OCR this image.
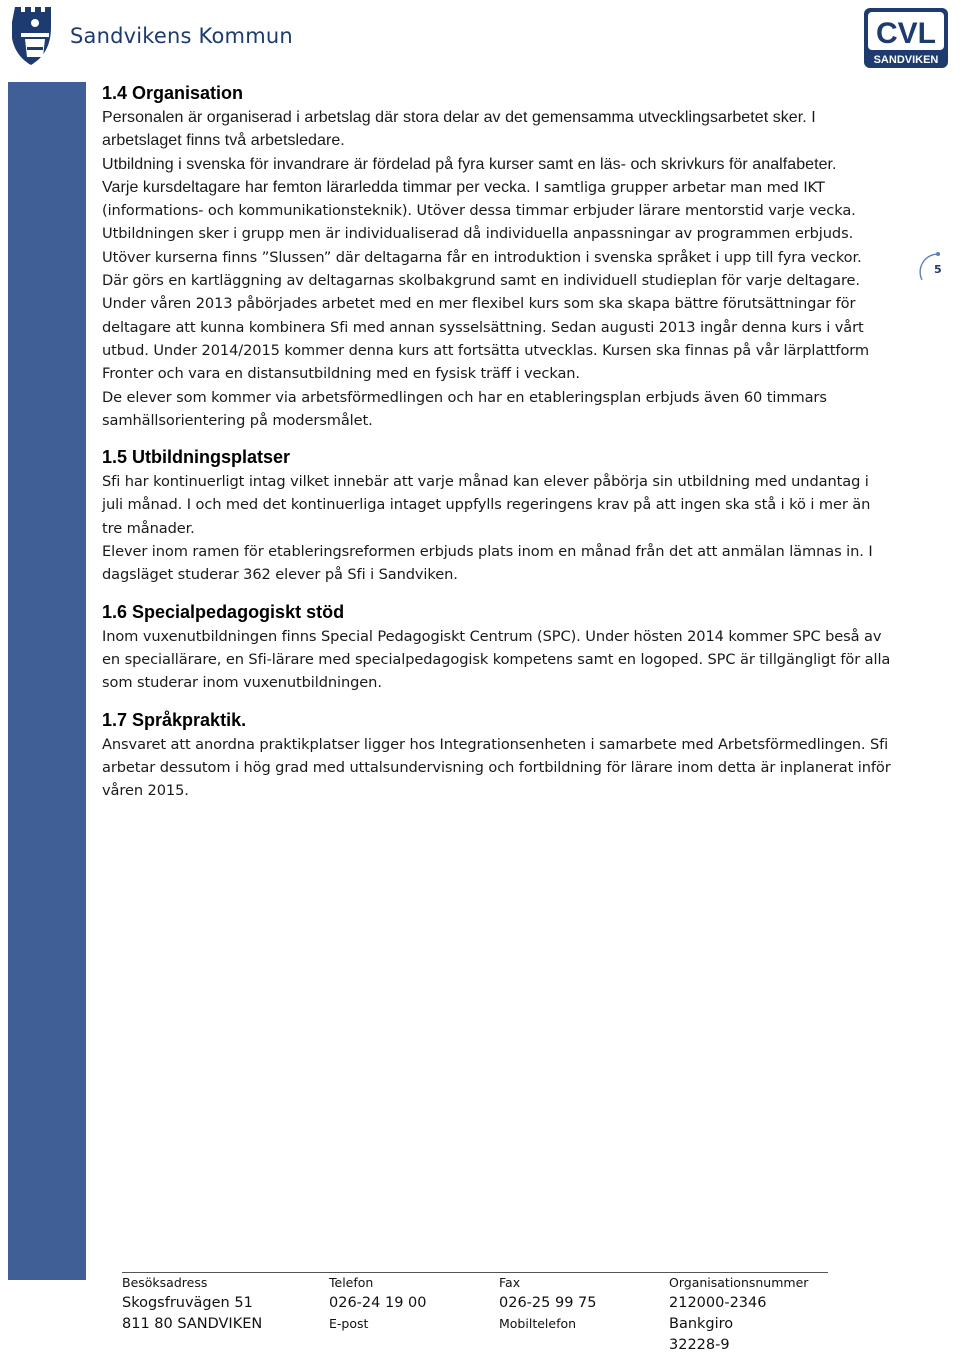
Sandvikens Kommun	CVL
SANDVIKEN
5
1.4 Organisation

Personalen är organiserad i arbetslag där stora delar av det gemensamma utvecklingsarbetet sker. I arbetslaget finns två arbetsledare.

Utbildning i svenska för invandrare är fördelad på fyra kurser samt en läs- och skrivkurs för analfabeter.

Varje kursdeltagare har femton lärarledda timmar per vecka. I samtliga grupper arbetar man med IKT (informations- och kommunikationsteknik). Utöver dessa timmar erbjuder lärare mentorstid varje vecka. Utbildningen sker i grupp men är individualiserad då individuella anpassningar av programmen erbjuds.

Utöver kurserna finns ”Slussen” där deltagarna får en introduktion i svenska språket i upp till fyra veckor. Där görs en kartläggning av deltagarnas skolbakgrund samt en individuell studieplan för varje deltagare.

Under våren 2013 påbörjades arbetet med en mer flexibel kurs som ska skapa bättre förutsättningar för deltagare att kunna kombinera Sfi med annan sysselsättning. Sedan augusti 2013 ingår denna kurs i vårt utbud. Under 2014/2015 kommer denna kurs att fortsätta utvecklas. Kursen ska finnas på vår lärplattform Fronter och vara en distansutbildning med en fysisk träff i veckan.

De elever som kommer via arbetsförmedlingen och har en etableringsplan erbjuds även 60 timmars samhällsorientering på modersmålet.

1.5 Utbildningsplatser

Sfi har kontinuerligt intag vilket innebär att varje månad kan elever påbörja sin utbildning med undantag i juli månad. I och med det kontinuerliga intaget uppfylls regeringens krav på att ingen ska stå i kö i mer än tre månader.

Elever inom ramen för etableringsreformen erbjuds plats inom en månad från det att anmälan lämnas in. I dagsläget studerar 362 elever på Sfi i Sandviken.

1.6 Specialpedagogiskt stöd

Inom vuxenutbildningen finns Special Pedagogiskt Centrum (SPC). Under hösten 2014 kommer SPC beså av en speciallärare, en Sfi-lärare med specialpedagogisk kompetens samt en logoped. SPC är tillgängligt för alla som studerar inom vuxenutbildningen.

1.7 Språkpraktik.

Ansvaret att anordna praktikplatser ligger hos Integrationsenheten i samarbete med Arbetsförmedlingen. Sfi arbetar dessutom i hög grad med uttalsundervisning och fortbildning för lärare inom detta är inplanerat inför våren 2015.

Besöksadress
Skogsfruvägen 51
811 80 SANDVIKEN
Telefon
026-24 19 00
E-post
Fax
026-25 99 75
Mobiltelefon
Organisationsnummer
212000-2346
Bankgiro
32228-9
